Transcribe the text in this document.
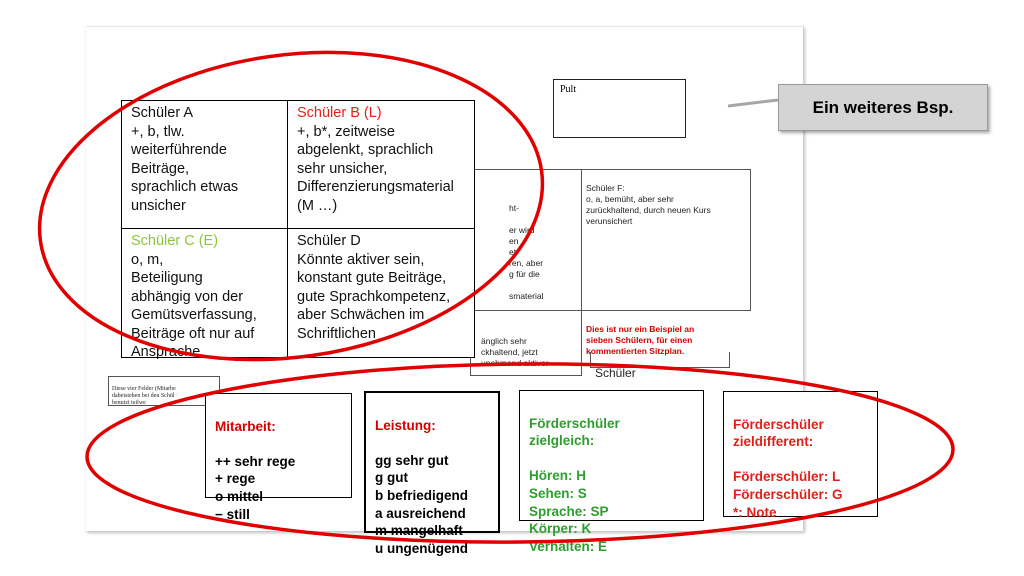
Pult
Ein weiteres Bsp.

ht-

er wird
en
et
ren, aber
g für die

smaterial

Schüler F:
o, a, bemüht, aber sehr
zurückhaltend, durch neuen Kurs
verunsichert

Dies ist nur ein Beispiel an
sieben Schülern, für einen
kommentierten Sitzplan.

änglich sehr
ckhaltend, jetzt
unehmend aktiver

Schüler

Diese vier Felder (Mitarbe
dabeistehen bei den Schül
benutzt teilwe

Schüler A
+, b, tlw.
weiterführende
Beiträge,
sprachlich etwas
unsicher
Schüler B (L)
+, b*, zeitweise
abgelenkt, sprachlich
sehr unsicher,
Differenzierungsmaterial
(M …)
Schüler C (E)
o, m,
Beteiligung
abhängig von der
Gemütsverfassung,
Beiträge oft nur auf
Ansprache
Schüler D
Könnte aktiver sein,
konstant gute Beiträge,
gute Sprachkompetenz,
aber Schwächen im
Schriftlichen

Mitarbeit:

++ sehr rege
+ rege
o mittel
− still

Leistung:

gg sehr gut
g gut
b befriedigend
a ausreichend
m mangelhaft
u ungenügend

Förderschüler
zielgleich:

Hören: H
Sehen: S
Sprache: SP
Körper: K
Verhalten: E

Förderschüler
zieldifferent:

Förderschüler: L
Förderschüler: G
*: Note
